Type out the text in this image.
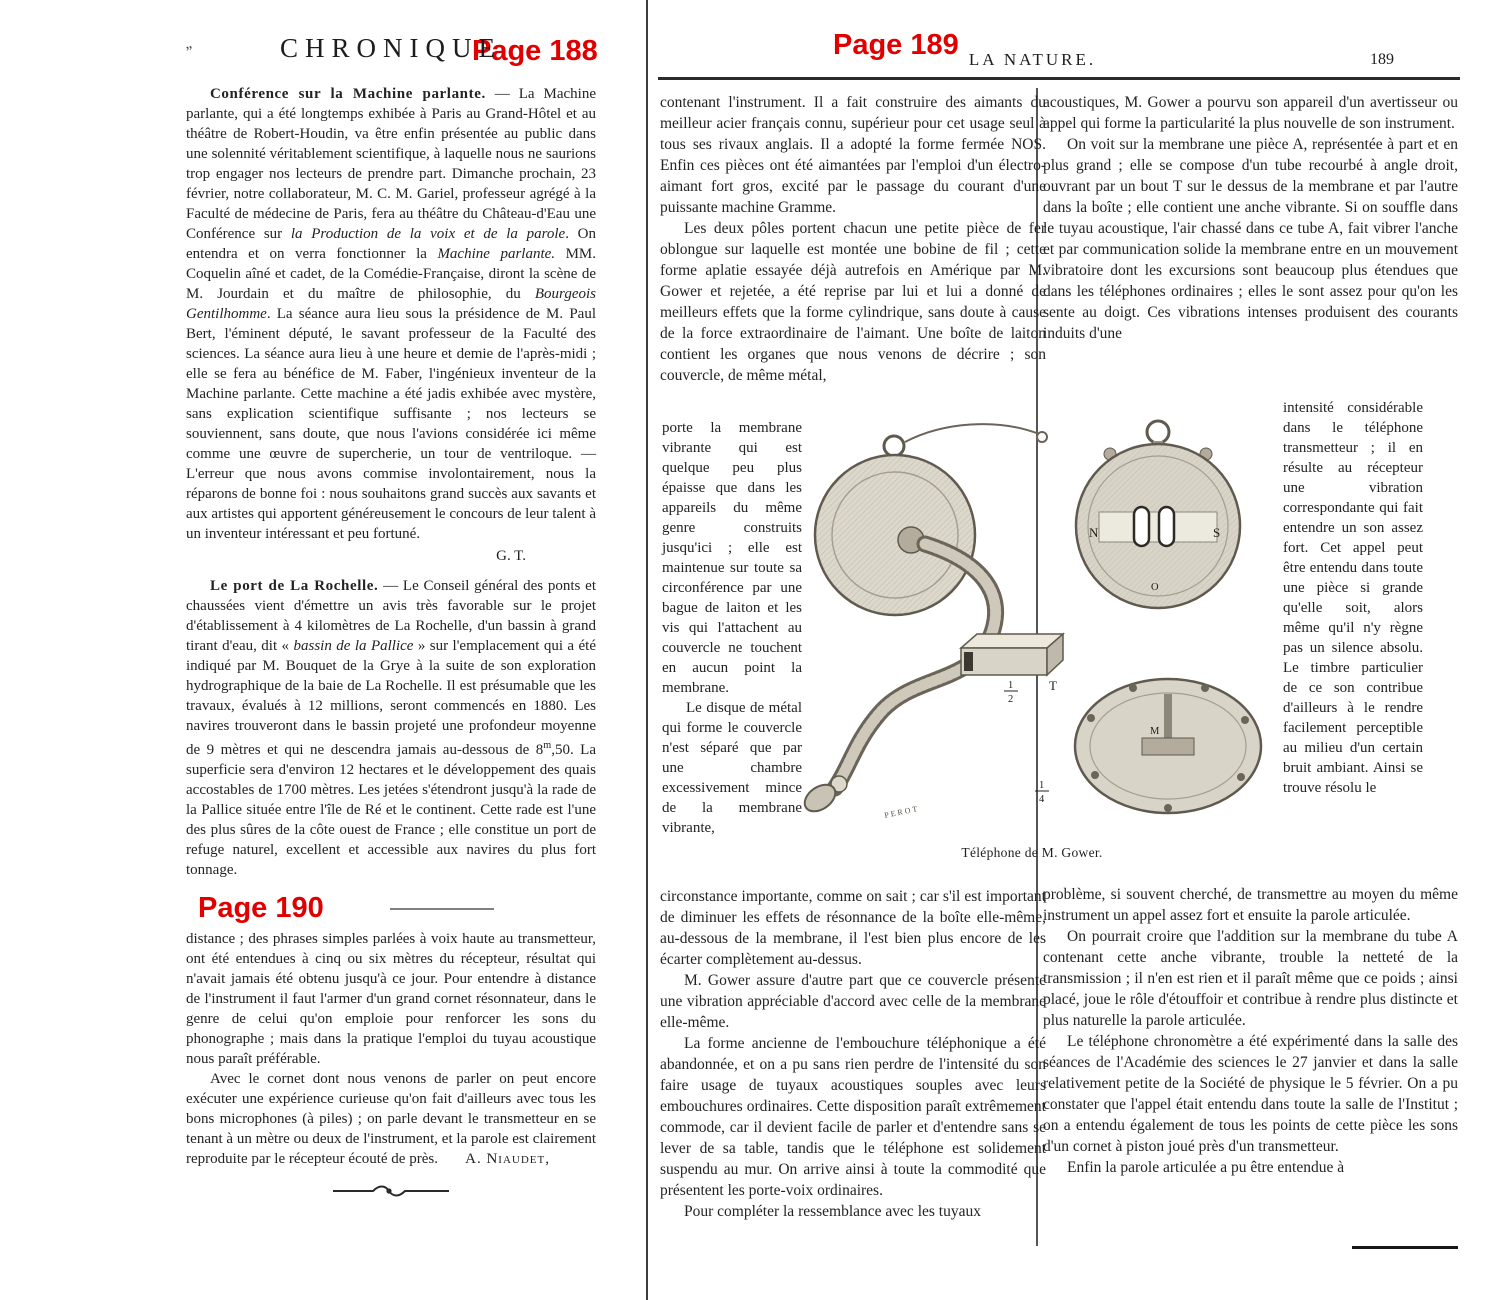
Page 188	Page 189 LA NATURE.	189
„	CHRONIQUE

Conférence sur la Machine parlante. — La Machine parlante, qui a été longtemps exhibée à Paris au Grand-Hôtel et au théâtre de Robert-Houdin, va être enfin présentée au public dans une solennité véritablement scientifique, à laquelle nous ne saurions trop engager nos lecteurs de prendre part. Dimanche prochain, 23 février, notre collaborateur, M. C. M. Gariel, professeur agrégé à la Faculté de médecine de Paris, fera au théâtre du Château-d'Eau une Conférence sur la Production de la voix et de la parole. On entendra et on verra fonctionner la Machine parlante. MM. Coquelin aîné et cadet, de la Comédie-Française, diront la scène de M. Jourdain et du maître de philosophie, du Bourgeois Gentilhomme. La séance aura lieu sous la présidence de M. Paul Bert, l'éminent député, le savant professeur de la Faculté des sciences. La séance aura lieu à une heure et demie de l'après-midi ; elle se fera au bénéfice de M. Faber, l'ingénieux inventeur de la Machine parlante. Cette machine a été jadis exhibée avec mystère, sans explication scientifique suffisante ; nos lecteurs se souviennent, sans doute, que nous l'avions considérée ici même comme une œuvre de supercherie, un tour de ventriloque. — L'erreur que nous avons commise involontairement, nous la réparons de bonne foi : nous souhaitons grand succès aux savants et aux artistes qui apportent généreusement le concours de leur talent à un inventeur intéressant et peu fortuné.

G. T.

Le port de La Rochelle. — Le Conseil général des ponts et chaussées vient d'émettre un avis très favorable sur le projet d'établissement à 4 kilomètres de La Rochelle, d'un bassin à grand tirant d'eau, dit « bassin de la Pallice » sur l'emplacement qui a été indiqué par M. Bouquet de la Grye à la suite de son exploration hydrographique de la baie de La Rochelle. Il est présumable que les travaux, évalués à 12 millions, seront commencés en 1880. Les navires trouveront dans le bassin projeté une profondeur moyenne de 9 mètres et qui ne descendra jamais au-dessous de 8$^m$,50. La superficie sera d'environ 12 hectares et le développement des quais accostables de 1700 mètres. Les jetées s'étendront jusqu'à la rade de la Pallice située entre l'île de Ré et le continent. Cette rade est l'une des plus sûres de la côte ouest de France ; elle constitue un port de refuge naturel, excellent et accessible aux navires du plus fort tonnage.

Page 190

distance ; des phrases simples parlées à voix haute au transmetteur, ont été entendues à cinq ou six mètres du récepteur, résultat qui n'avait jamais été obtenu jusqu'à ce jour. Pour entendre à distance de l'instrument il faut l'armer d'un grand cornet résonnateur, dans le genre de celui qu'on emploie pour renforcer les sons du phonographe ; mais dans la pratique l'emploi du tuyau acoustique nous paraît préférable.

Avec le cornet dont nous venons de parler on peut encore exécuter une expérience curieuse qu'on fait d'ailleurs avec tous les bons microphones (à piles) ; on parle devant le transmetteur en se tenant à un mètre ou deux de l'instrument, et la parole est clairement reproduite par le récepteur écouté de près.	A. Niaudet,

contenant l'instrument. Il a fait construire des aimants du meilleur acier français connu, supérieur pour cet usage seul à tous ses rivaux anglais. Il a adopté la forme fermée NOS. Enfin ces pièces ont été aimantées par l'emploi d'un électro-aimant fort gros, excité par le passage du courant d'une puissante machine Gramme.

Les deux pôles portent chacun une petite pièce de fer oblongue sur laquelle est montée une bobine de fil ; cette forme aplatie essayée déjà autrefois en Amérique par M. Gower et rejetée, a été reprise par lui et lui a donné de meilleurs effets que la forme cylindrique, sans doute à cause de la force extraordinaire de l'aimant. Une boîte de laiton contient les organes que nous venons de décrire ; son couvercle, de même métal,

porte la membrane vibrante qui est quelque peu plus épaisse que dans les appareils du même genre construits jusqu'ici ; elle est maintenue sur toute sa circonférence par une bague de laiton et les vis qui l'attachent au couvercle ne touchent en aucun point la membrane.

Le disque de métal qui forme le couvercle n'est séparé que par une chambre excessivement mince de la membrane vibrante,

circonstance importante, comme on sait ; car s'il est important de diminuer les effets de résonnance de la boîte elle-même, au-dessous de la membrane, il l'est bien plus encore de les écarter complètement au-dessus.

M. Gower assure d'autre part que ce couvercle présente une vibration appréciable d'accord avec celle de la membrane elle-même.

La forme ancienne de l'embouchure téléphonique a été abandonnée, et on a pu sans rien perdre de l'intensité du son faire usage de tuyaux acoustiques souples avec leurs embouchures ordinaires. Cette disposition paraît extrêmement commode, car il devient facile de parler et d'entendre sans se lever de sa table, tandis que le téléphone est solidement suspendu au mur. On arrive ainsi à toute la commodité que présentent les porte-voix ordinaires.

Pour compléter la ressemblance avec les tuyaux

acoustiques, M. Gower a pourvu son appareil d'un avertisseur ou appel qui forme la particularité la plus nouvelle de son instrument.

On voit sur la membrane une pièce A, représentée à part et en plus grand ; elle se compose d'un tube recourbé à angle droit, ouvrant par un bout T sur le dessus de la membrane et par l'autre dans la boîte ; elle contient une anche vibrante. Si on souffle dans le tuyau acoustique, l'air chassé dans ce tube A, fait vibrer l'anche et par communication solide la membrane entre en un mouvement vibratoire dont les excursions sont beaucoup plus étendues que dans les téléphones ordinaires ; elles le sont assez pour qu'on les sente au doigt. Ces vibrations intenses produisent des courants induits d'une

intensité considérable dans le téléphone transmetteur ; il en résulte au récepteur une vibration correspondante qui fait entendre un son assez fort. Cet appel peut être entendu dans toute une pièce si grande qu'elle soit, alors même qu'il n'y règne pas un silence absolu. Le timbre particulier de ce son contribue d'ailleurs à le rendre facilement perceptible au milieu d'un certain bruit ambiant. Ainsi se trouve résolu le

problème, si souvent cherché, de transmettre au moyen du même instrument un appel assez fort et ensuite la parole articulée.

On pourrait croire que l'addition sur la membrane du tube A contenant cette anche vibrante, trouble la netteté de la transmission ; il n'en est rien et il paraît même que ce poids ; ainsi placé, joue le rôle d'étouffoir et contribue à rendre plus distincte et plus naturelle la parole articulée.

Le téléphone chronomètre a été expérimenté dans la salle des séances de l'Académie des sciences le 27 janvier et dans la salle relativement petite de la Société de physique le 5 février. On a pu constater que l'appel était entendu dans toute la salle de l'Institut ; on a entendu également de tous les points de cette pièce les sons d'un cornet à piston joué près d'un transmetteur.

Enfin la parole articulée a pu être entendue à

PEROT
N	S
O
1
2
T
M
1
4
Téléphone de M. Gower.
